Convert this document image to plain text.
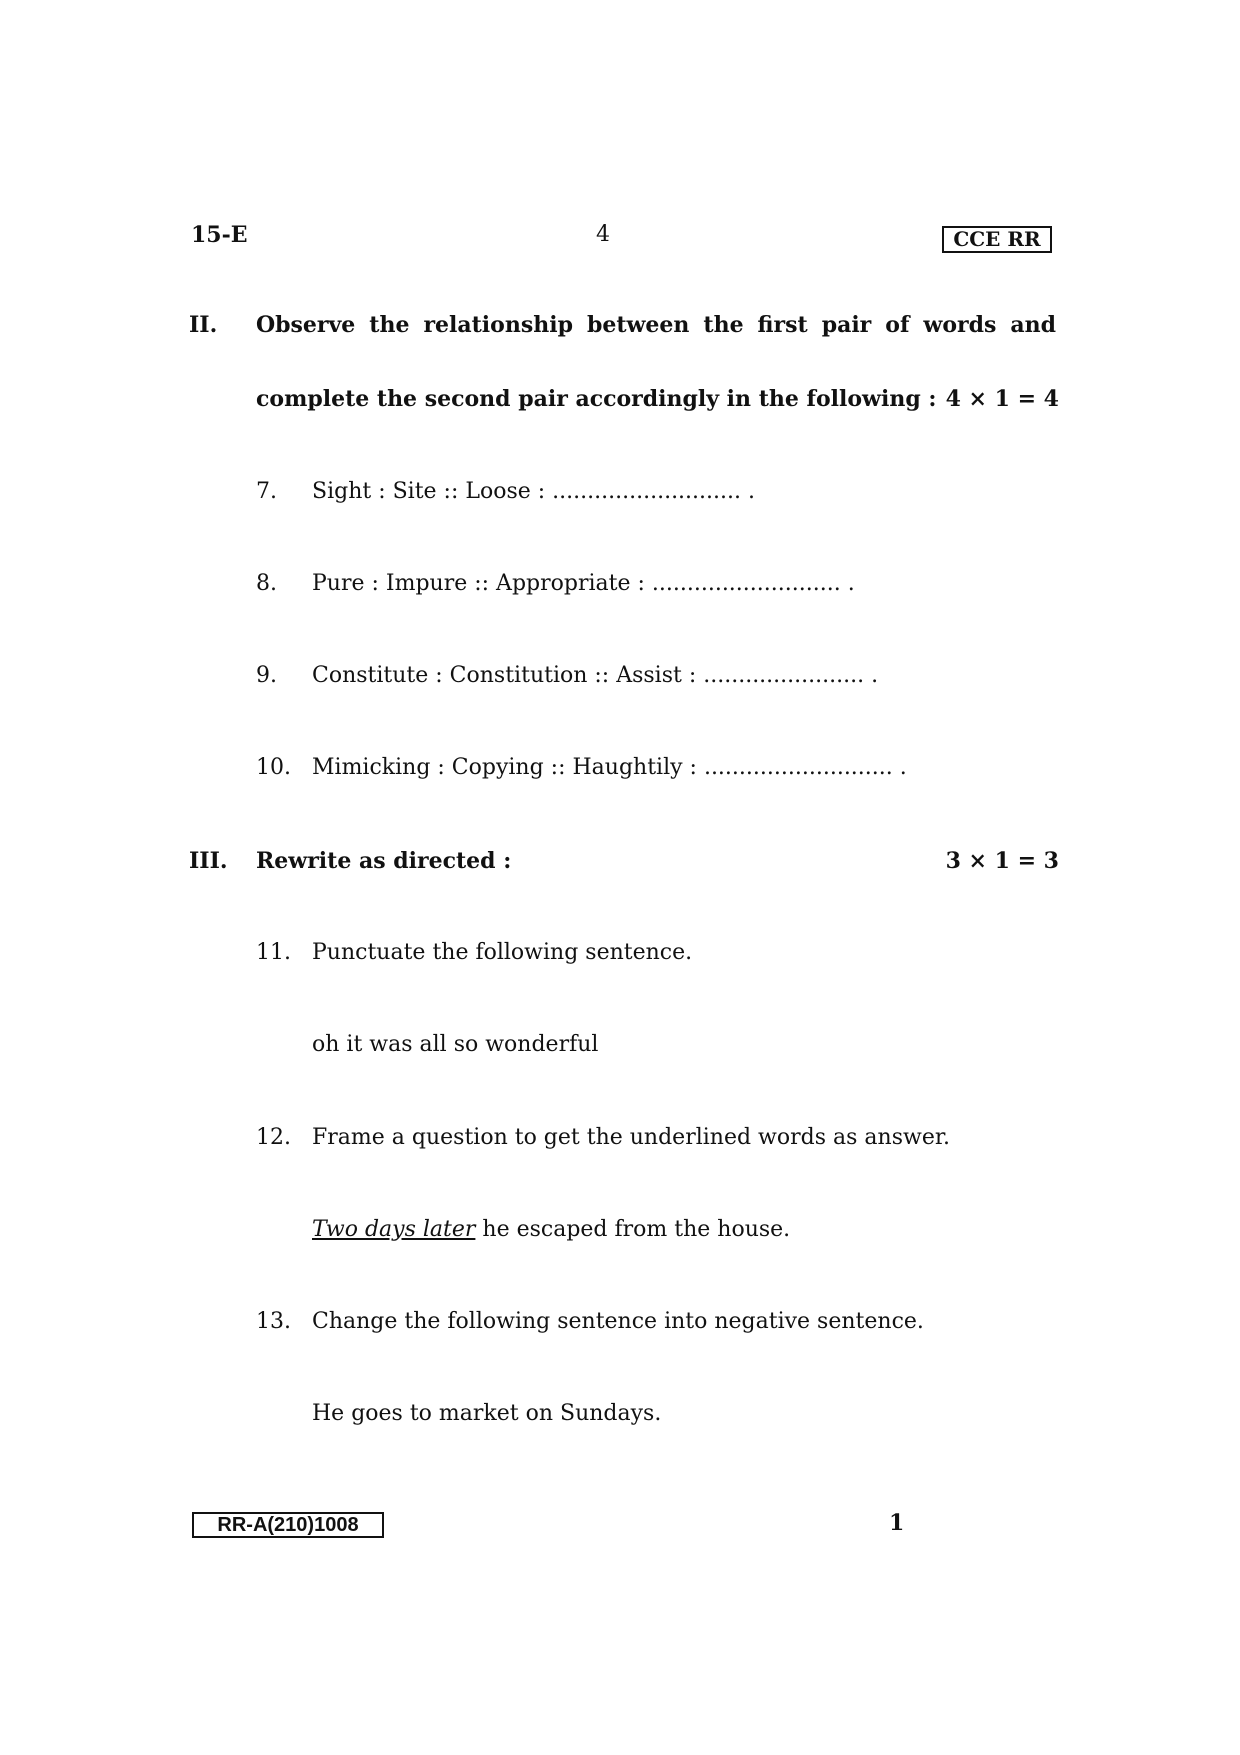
15-E	4	CCE RR
II. Observe the relationship between the first pair of words and
complete the second pair accordingly in the following : 4 × 1 = 4
7. Sight : Site :: Loose : ........................... .
8. Pure : Impure :: Appropriate : ........................... .
9. Constitute : Constitution :: Assist : ....................... .
10. Mimicking : Copying :: Haughtily : ........................... .
III. Rewrite as directed :	3 × 1 = 3
11. Punctuate the following sentence.
oh it was all so wonderful
12. Frame a question to get the underlined words as answer.
Two days later he escaped from the house.
13. Change the following sentence into negative sentence.
He goes to market on Sundays.
RR-A(210)1008	1
